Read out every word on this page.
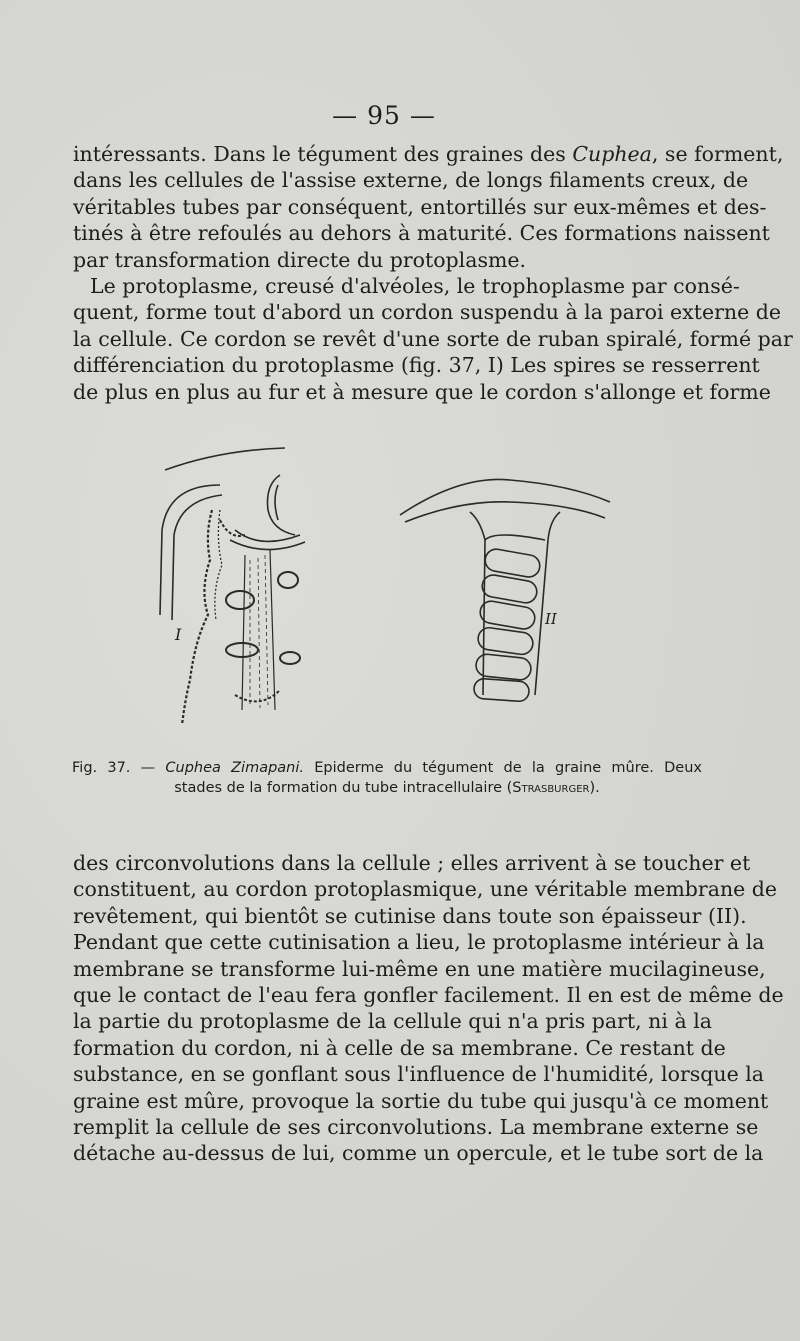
— 95 —
intéressants. Dans le tégument des graines des Cuphea, se forment,
dans les cellules de l'assise externe, de longs filaments creux, de
véritables tubes par conséquent, entortillés sur eux-mêmes et des-
tinés à être refoulés au dehors à maturité. Ces formations naissent
par transformation directe du protoplasme.
Le protoplasme, creusé d'alvéoles, le trophoplasme par consé-
quent, forme tout d'abord un cordon suspendu à la paroi externe de
la cellule. Ce cordon se revêt d'une sorte de ruban spiralé, formé par
différenciation du protoplasme (fig. 37, I) Les spires se resserrent
de plus en plus au fur et à mesure que le cordon s'allonge et forme
I
II
Fig. 37. — Cuphea Zimapani. Epiderme du tégument de la graine mûre. Deux
stades de la formation du tube intracellulaire (Strasburger).
des circonvolutions dans la cellule ; elles arrivent à se toucher et
constituent, au cordon protoplasmique, une véritable membrane de
revêtement, qui bientôt se cutinise dans toute son épaisseur (II).
Pendant que cette cutinisation a lieu, le protoplasme intérieur à la
membrane se transforme lui-même en une matière mucilagineuse,
que le contact de l'eau fera gonfler facilement. Il en est de même de
la partie du protoplasme de la cellule qui n'a pris part, ni à la
formation du cordon, ni à celle de sa membrane. Ce restant de
substance, en se gonflant sous l'influence de l'humidité, lorsque la
graine est mûre, provoque la sortie du tube qui jusqu'à ce moment
remplit la cellule de ses circonvolutions. La membrane externe se
détache au-dessus de lui, comme un opercule, et le tube sort de la
